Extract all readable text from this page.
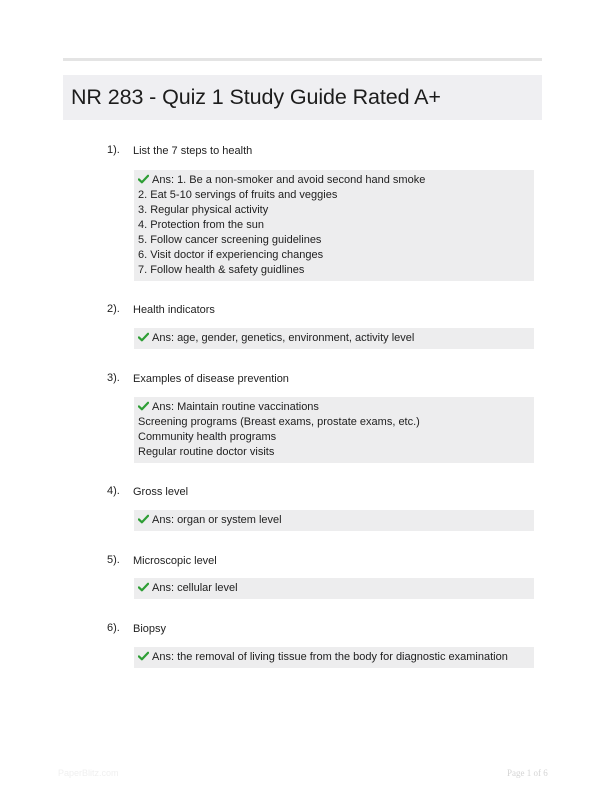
NR 283 - Quiz 1 Study Guide Rated A+
1). List the 7 steps to health
Ans: 1. Be a non-smoker and avoid second hand smoke
2. Eat 5-10 servings of fruits and veggies
3. Regular physical activity
4. Protection from the sun
5. Follow cancer screening guidelines
6. Visit doctor if experiencing changes
7. Follow health & safety guidlines
2). Health indicators
Ans: age, gender, genetics, environment, activity level
3). Examples of disease prevention
Ans: Maintain routine vaccinations
Screening programs (Breast exams, prostate exams, etc.)
Community health programs
Regular routine doctor visits
4). Gross level
Ans: organ or system level
5). Microscopic level
Ans: cellular level
6). Biopsy
Ans: the removal of living tissue from the body for diagnostic examination
PaperBlitz.com	Page 1 of 6
